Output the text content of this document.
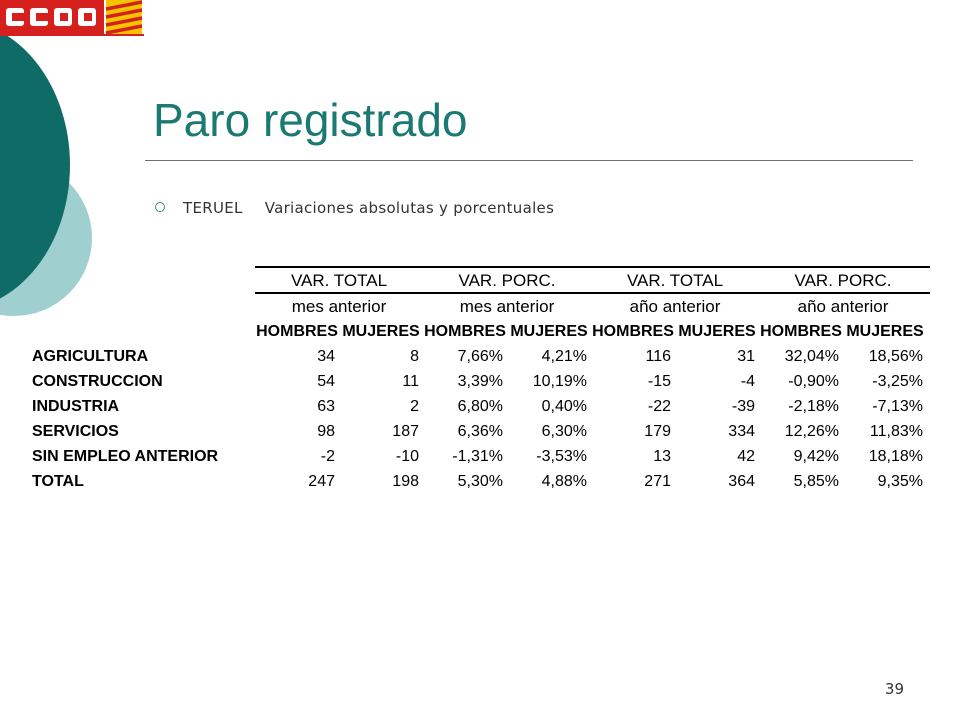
Paro registrado
TERUEL Variaciones absolutas y porcentuales
VAR. TOTAL	VAR. PORC.	VAR. TOTAL	VAR. PORC.
mes anterior	mes anterior	año anterior	año anterior
HOMBRES MUJERES HOMBRES MUJERES HOMBRES MUJERES HOMBRES MUJERES
AGRICULTURA	34	8	7,66%	4,21%	116	31	32,04%	18,56%
CONSTRUCCION	54	11	3,39%	10,19%	-15	-4	-0,90%	-3,25%
INDUSTRIA	63	2	6,80%	0,40%	-22	-39	-2,18%	-7,13%
SERVICIOS	98	187	6,36%	6,30%	179	334	12,26%	11,83%
SIN EMPLEO ANTERIOR	-2	-10	-1,31%	-3,53%	13	42	9,42%	18,18%
TOTAL	247	198	5,30%	4,88%	271	364	5,85%	9,35%
39
